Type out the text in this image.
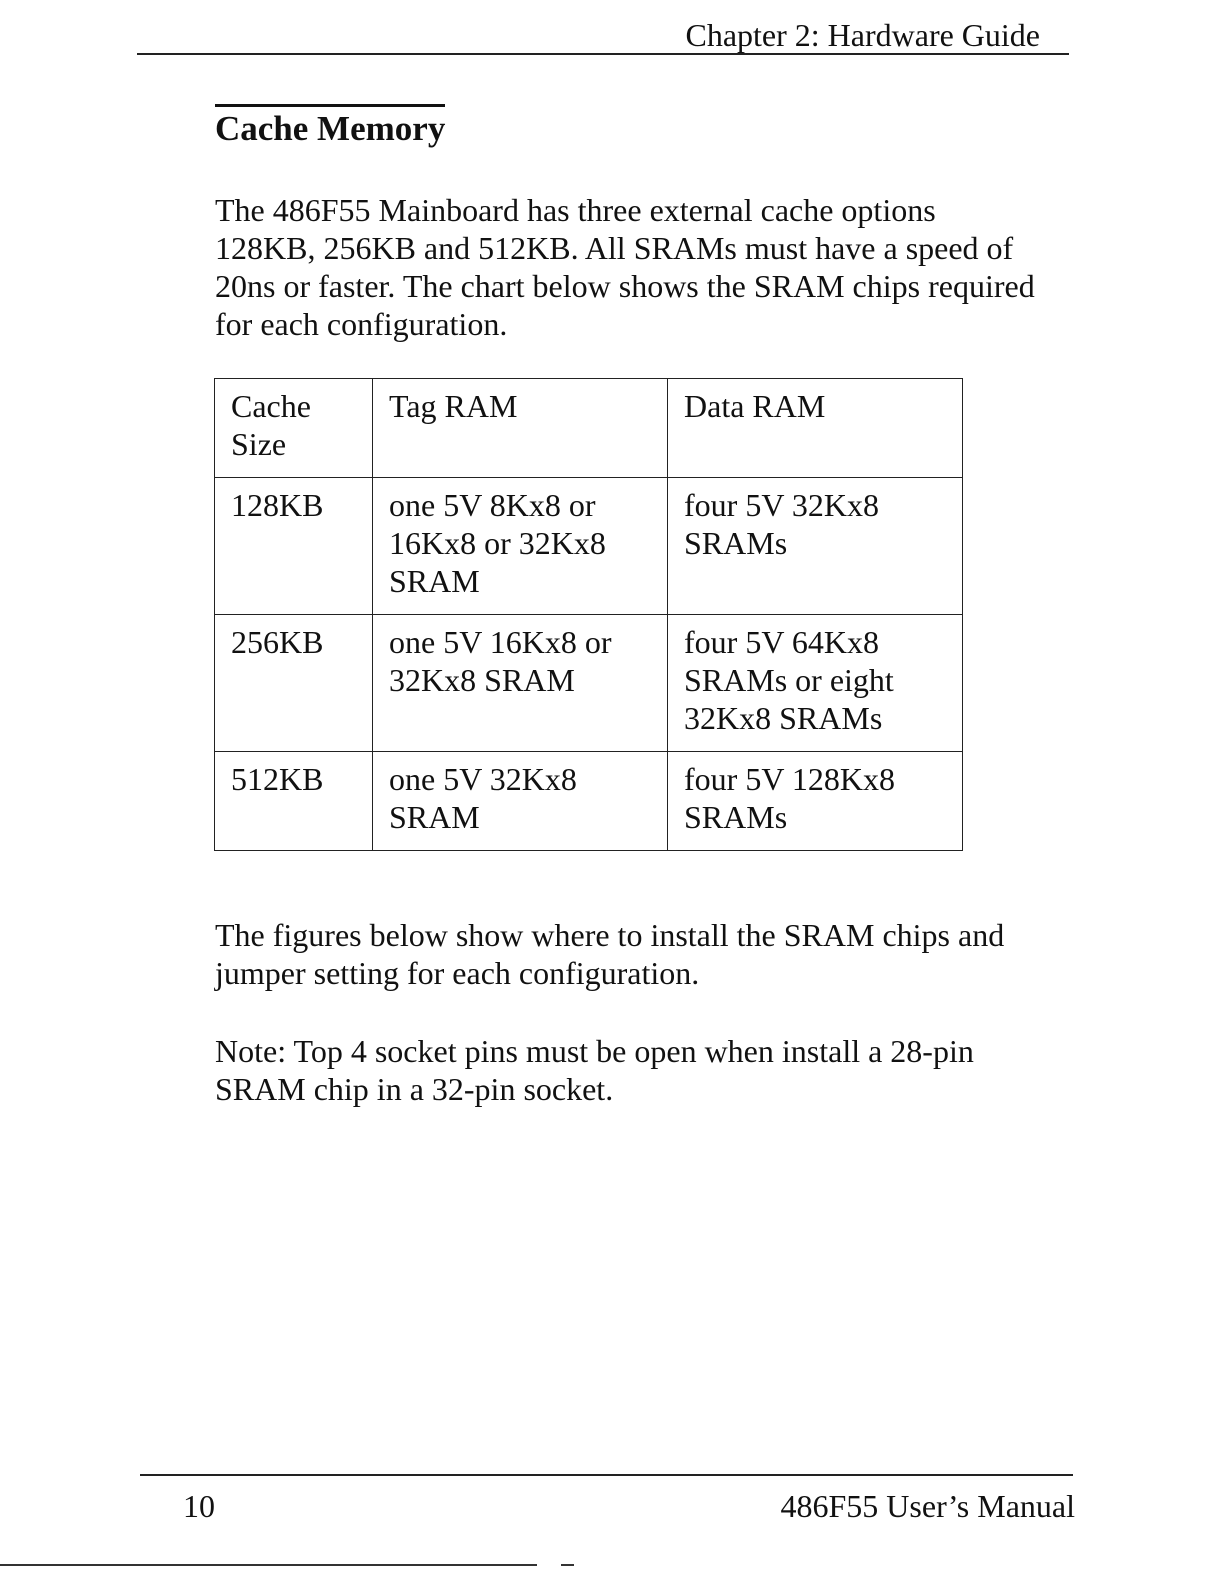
Chapter 2: Hardware Guide
Cache Memory

The 486F55 Mainboard has three external cache options 128KB, 256KB and 512KB. All SRAMs must have a speed of 20ns or faster. The chart below shows the SRAM chips required for each configuration.

Cache Size	Tag RAM	Data RAM
128KB	one 5V 8Kx8 or 16Kx8 or 32Kx8 SRAM	four 5V 32Kx8 SRAMs
256KB	one 5V 16Kx8 or 32Kx8 SRAM	four 5V 64Kx8 SRAMs or eight 32Kx8 SRAMs
512KB	one 5V 32Kx8 SRAM	four 5V 128Kx8 SRAMs

The figures below show where to install the SRAM chips and jumper setting for each configuration.

Note: Top 4 socket pins must be open when install a 28-pin SRAM chip in a 32-pin socket.

10	486F55 User’s Manual
